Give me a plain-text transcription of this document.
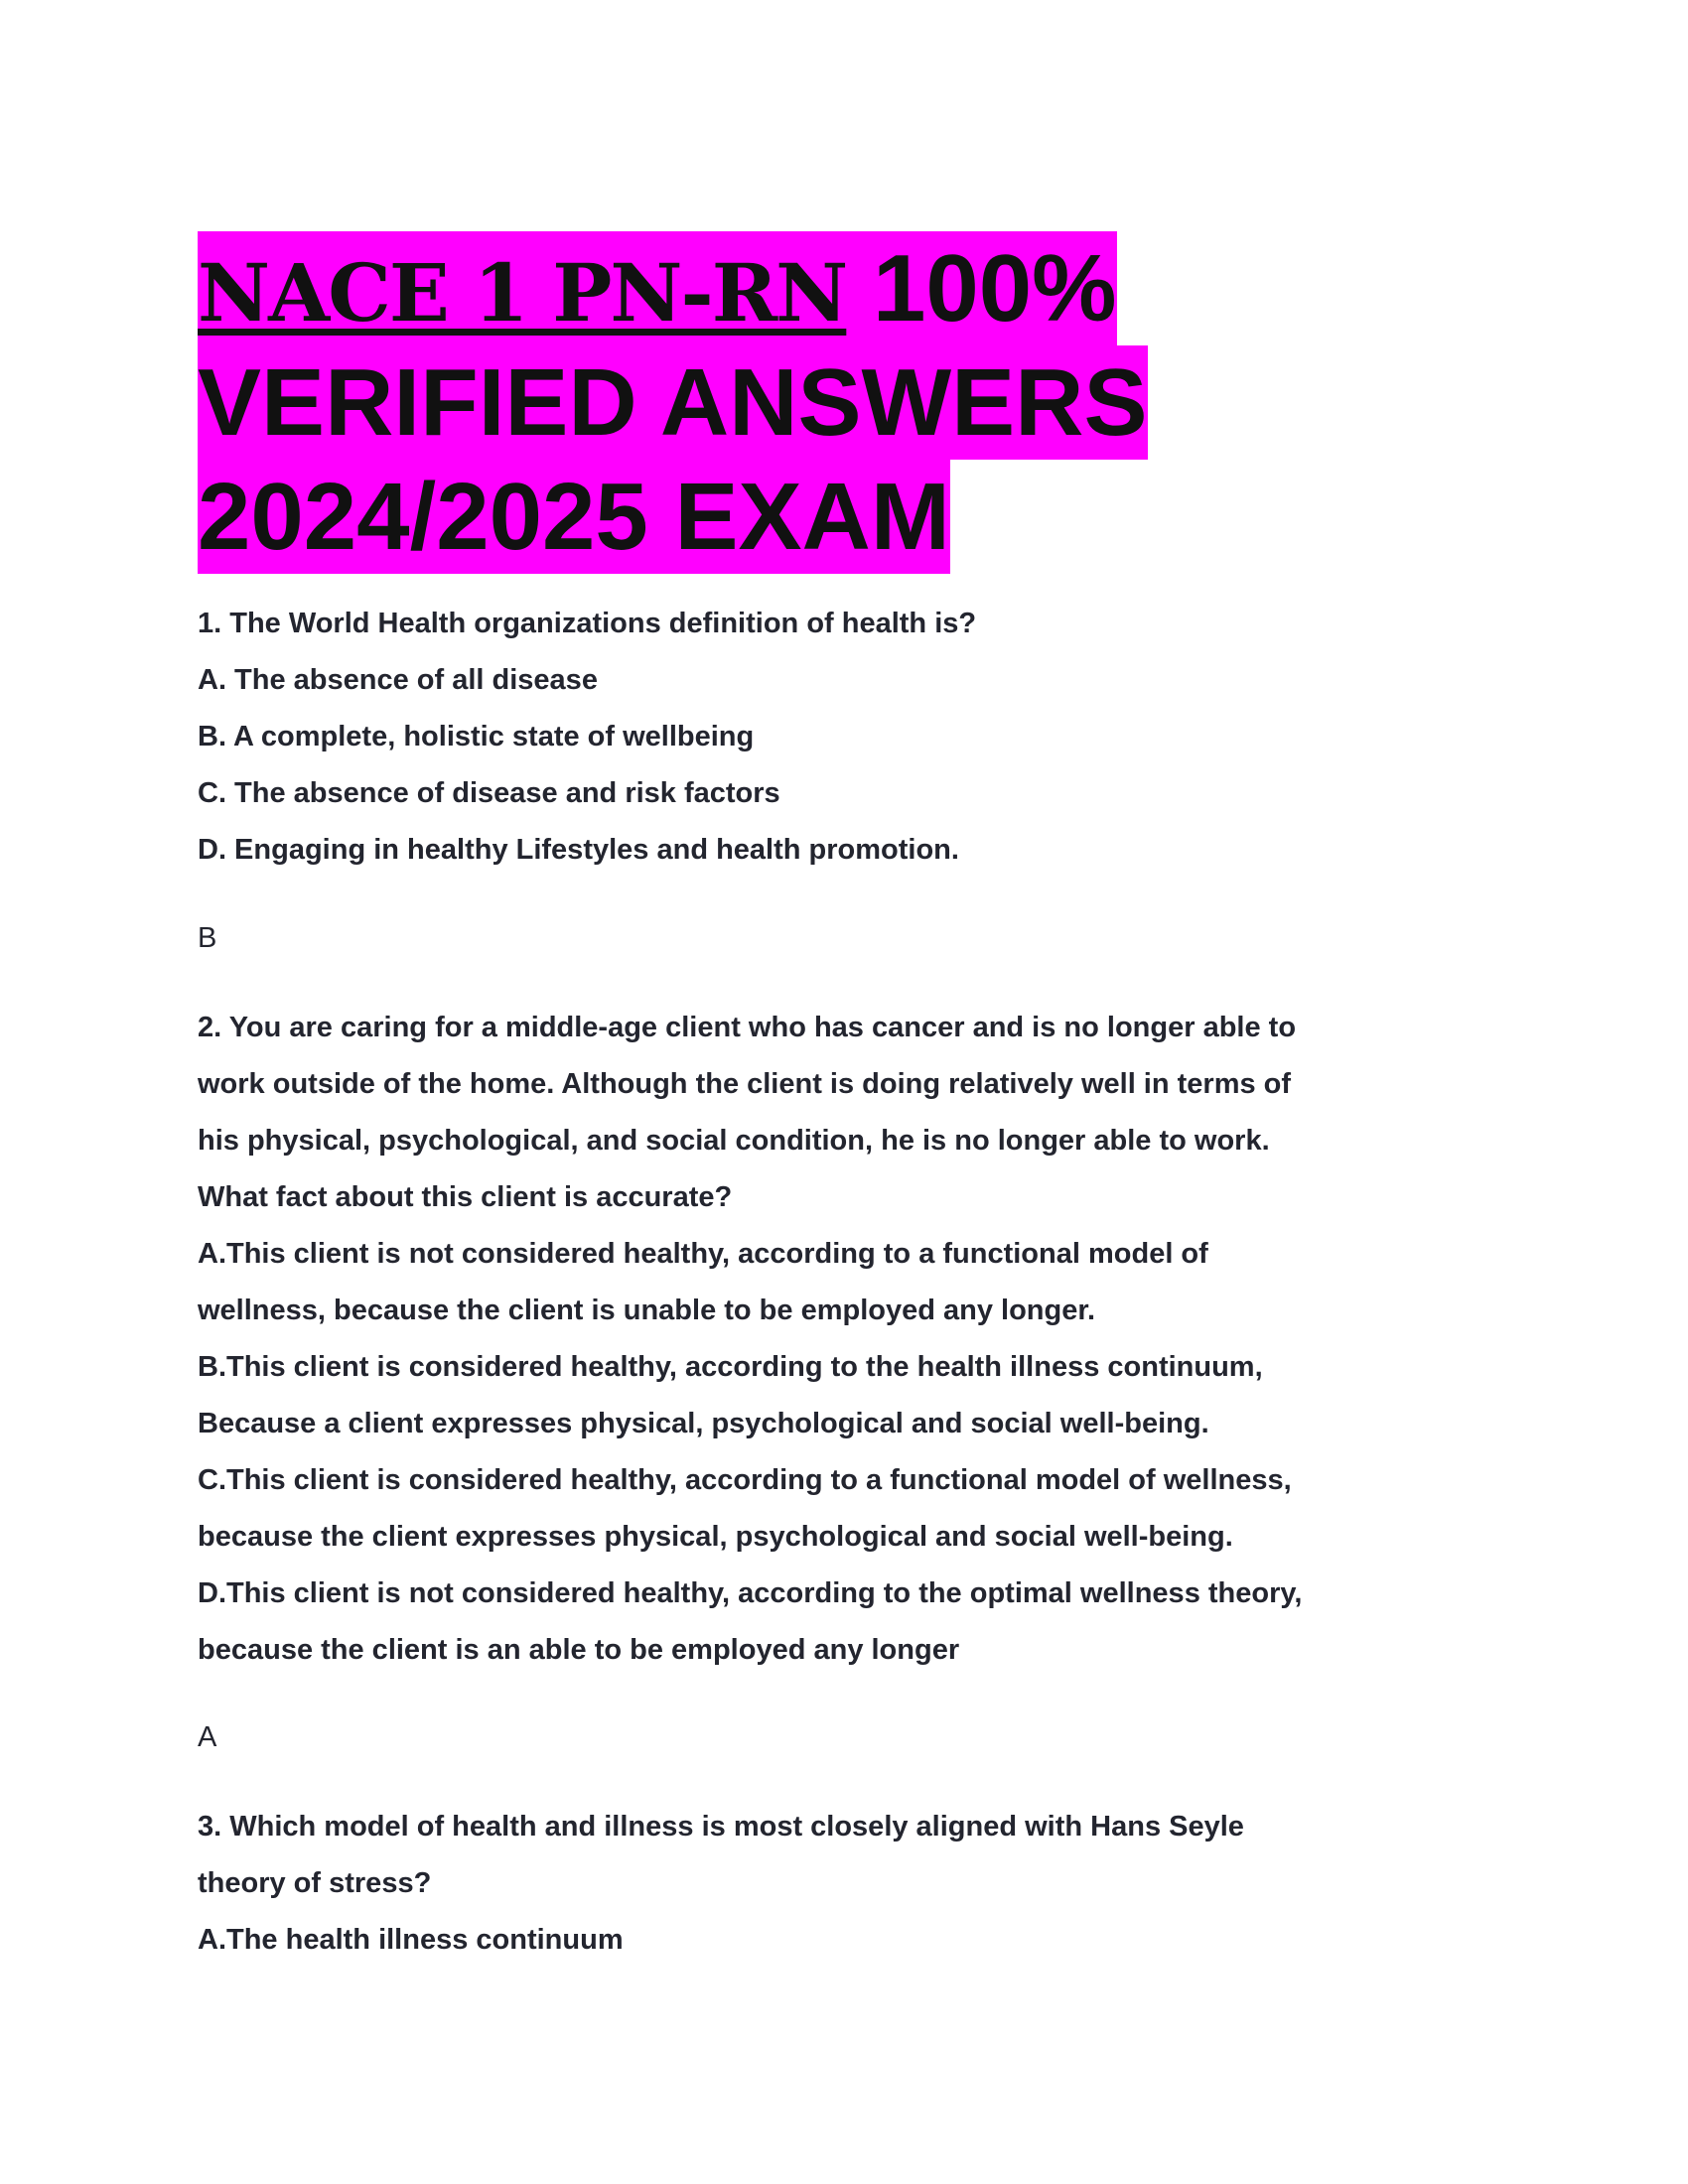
NACE 1 PN-RN 100%
VERIFIED ANSWERS
2024/2025 EXAM
1. The World Health organizations definition of health is?
A. The absence of all disease
B. A complete, holistic state of wellbeing
C. The absence of disease and risk factors
D. Engaging in healthy Lifestyles and health promotion.
B
2. You are caring for a middle-age client who has cancer and is no longer able to
work outside of the home. Although the client is doing relatively well in terms of
his physical, psychological, and social condition, he is no longer able to work.
What fact about this client is accurate?
A.This client is not considered healthy, according to a functional model of
wellness, because the client is unable to be employed any longer.
B.This client is considered healthy, according to the health illness continuum,
Because a client expresses physical, psychological and social well-being.
C.This client is considered healthy, according to a functional model of wellness,
because the client expresses physical, psychological and social well-being.
D.This client is not considered healthy, according to the optimal wellness theory,
because the client is an able to be employed any longer
A
3. Which model of health and illness is most closely aligned with Hans Seyle
theory of stress?
A.The health illness continuum
